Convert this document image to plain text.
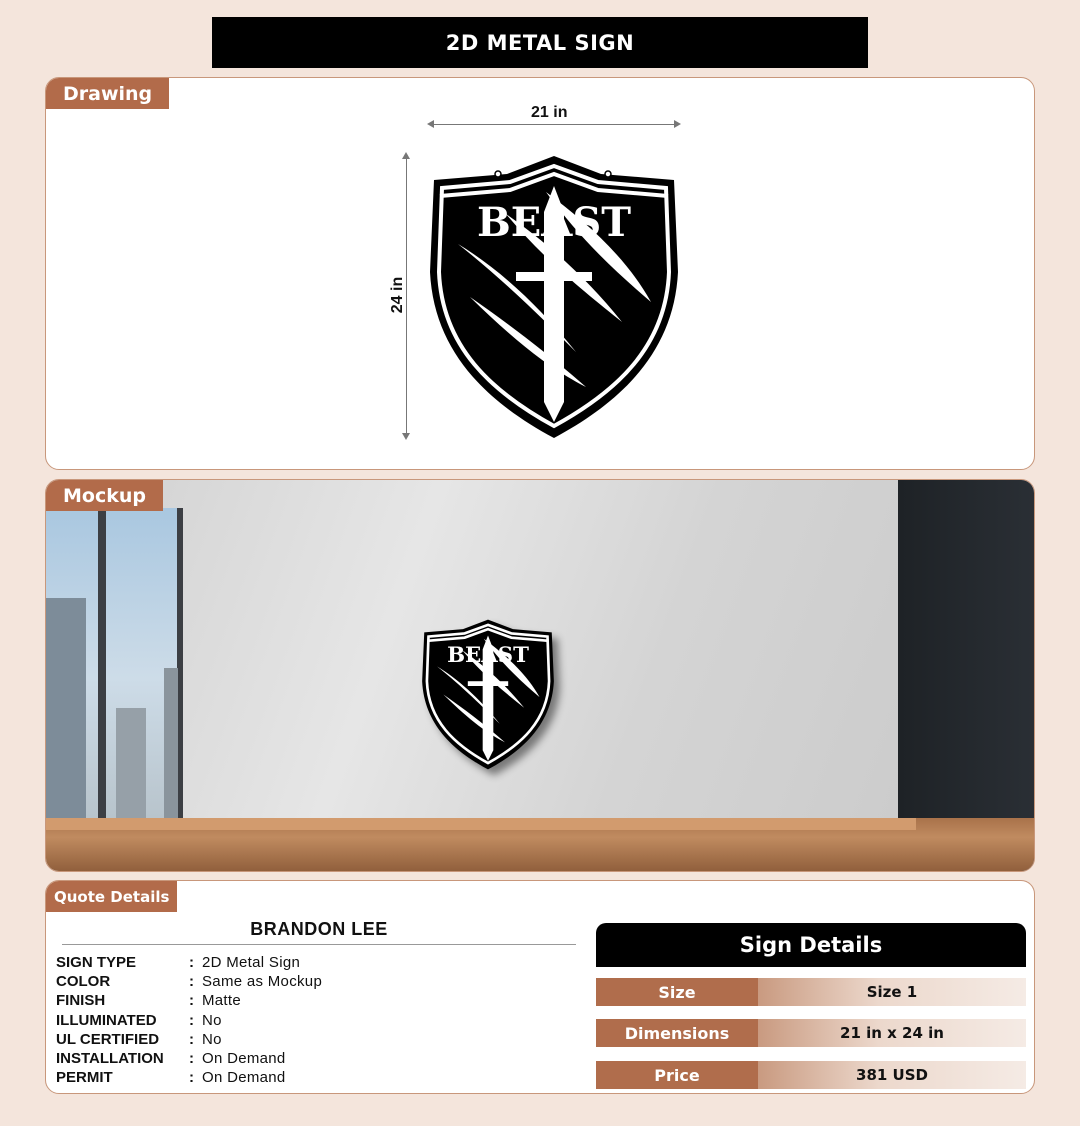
2D METAL SIGN
Drawing
21 in
24 in
BEAST
Mockup
BEAST
Quote Details
BRANDON LEE
SIGN TYPE	: 2D Metal Sign
COLOR	: Same as Mockup
FINISH	: Matte
ILLUMINATED	: No
UL CERTIFIED	: No
INSTALLATION	: On Demand
PERMIT	: On Demand
Sign Details
Size	Size 1
Dimensions	21 in x 24 in
Price	381 USD
